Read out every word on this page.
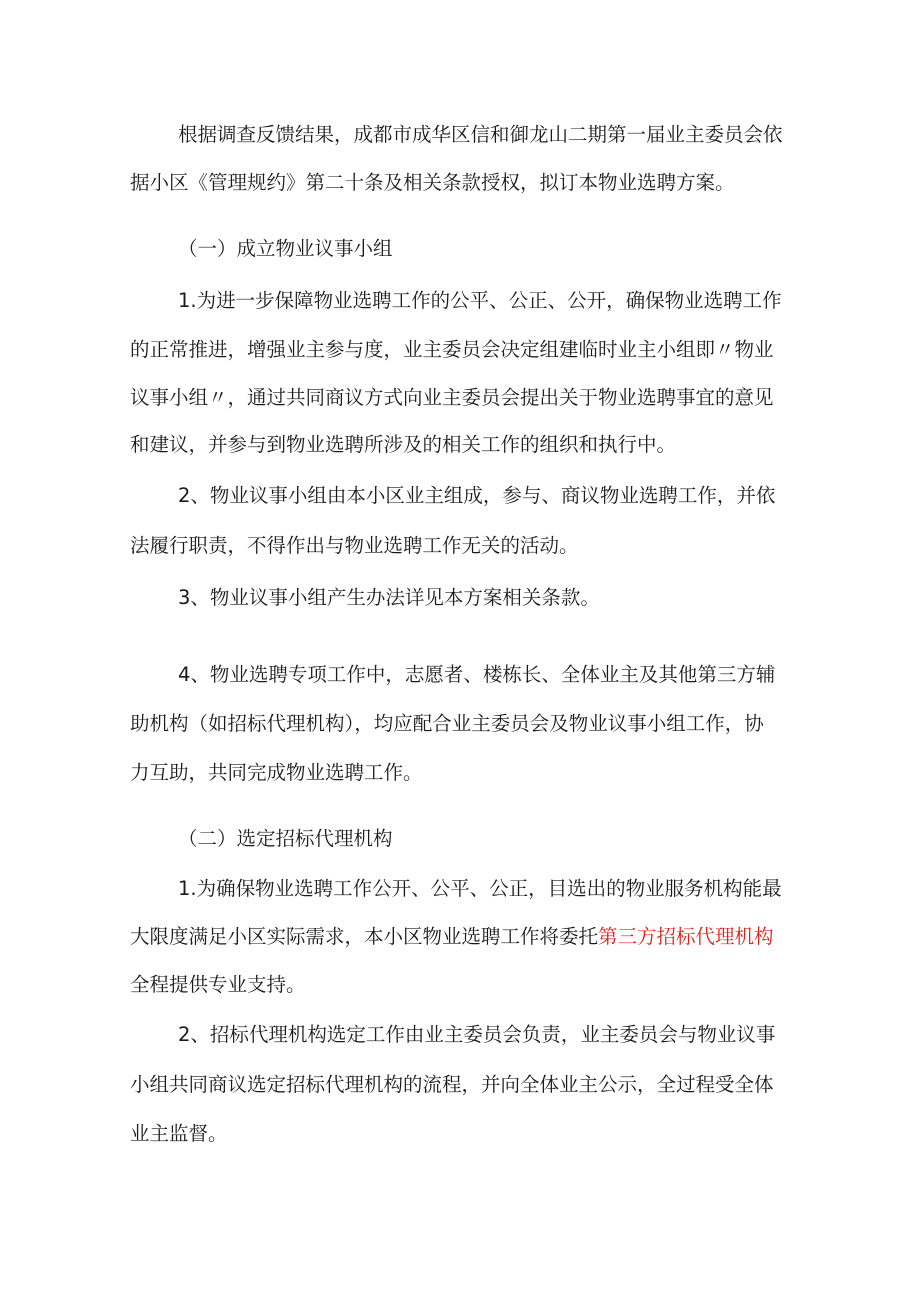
根据调查反馈结果，成都市成华区信和御龙山二期第一届业主委员会依

据小区《管理规约》第二十条及相关条款授权，拟订本物业选聘方案。

（一）成立物业议事小组

1.为进一步保障物业选聘工作的公平、公正、公开，确保物业选聘工作

的正常推进，增强业主参与度，业主委员会决定组建临时业主小组即〃物业

议事小组〃，通过共同商议方式向业主委员会提出关于物业选聘事宜的意见

和建议，并参与到物业选聘所涉及的相关工作的组织和执行中。

2、物业议事小组由本小区业主组成，参与、商议物业选聘工作，并依

法履行职责，不得作出与物业选聘工作无关的活动。

3、物业议事小组产生办法详见本方案相关条款。

4、物业选聘专项工作中，志愿者、楼栋长、全体业主及其他第三方辅

助机构（如招标代理机构），均应配合业主委员会及物业议事小组工作，协

力互助，共同完成物业选聘工作。

（二）选定招标代理机构

1.为确保物业选聘工作公开、公平、公正，目选出的物业服务机构能最

大限度满足小区实际需求，本小区物业选聘工作将委托第三方招标代理机构

全程提供专业支持。

2、招标代理机构选定工作由业主委员会负责，业主委员会与物业议事

小组共同商议选定招标代理机构的流程，并向全体业主公示，全过程受全体

业主监督。
